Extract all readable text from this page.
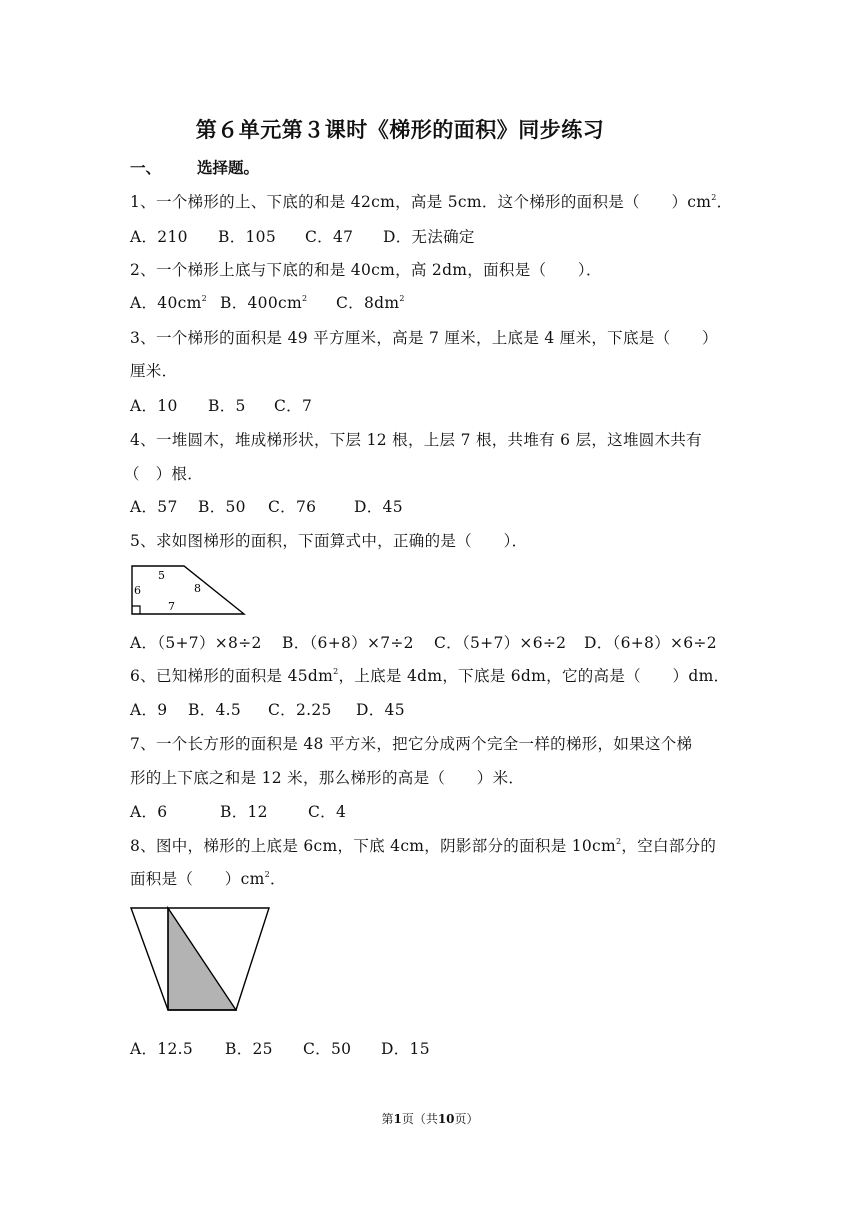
第６单元第３课时《梯形的面积》同步练习
一、 选择题。
1、一个梯形的上、下底的和是 42cm，高是 5cm．这个梯形的面积是（　　）$cm^2$．
A．210 B．105 C．47 D．无法确定
2、一个梯形上底与下底的和是 40cm，高 2dm，面积是（　　）．
A．$40cm^2$ B．$400cm^2$ C．$8dm^2$
3、一个梯形的面积是 49 平方厘米，高是 7 厘米，上底是 4 厘米，下底是（　　）
厘米．
A．10 B．5 C．7
4、一堆圆木，堆成梯形状，下层 12 根，上层 7 根，共堆有 6 层，这堆圆木共有
（　）根．
A．57 B．50 C．76 D．45
5、求如图梯形的面积，下面算式中，正确的是（　　）．
5
6	8
7
A．（5+7）×8÷2 B．（6+8）×7÷2 C．（5+7）×6÷2 D．（6+8）×6÷2
6、已知梯形的面积是 $45dm^2$，上底是 4dm，下底是 6dm，它的高是（　　）dm．
A．9 B．4.5 C．2.25 D．45
7、一个长方形的面积是 48 平方米，把它分成两个完全一样的梯形，如果这个梯
形的上下底之和是 12 米，那么梯形的高是（　　）米．
A．6	B．12	C．4
8、图中，梯形的上底是 6cm，下底 4cm，阴影部分的面积是 $10cm^2$，空白部分的
面积是（　　）$cm^2$．
A．12.5 B．25 C．50 D．15
第1页（共10页）
